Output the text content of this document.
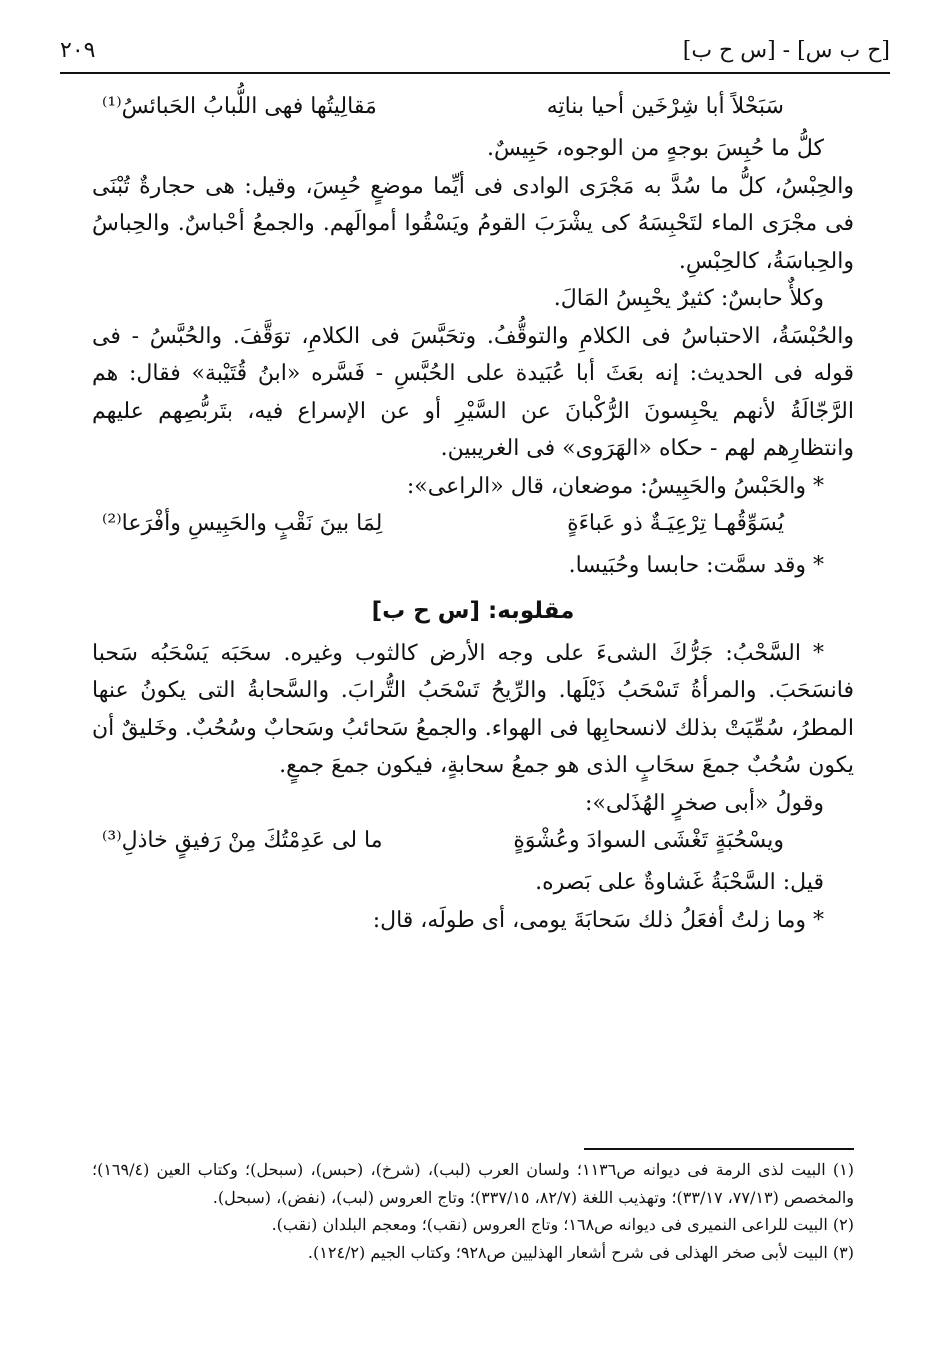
[ح ب س] - [س ح ب]
٢٠٩
سَبَحْلاً أبا شِرْخَين أحيا بناتِه
مَقالِيتُها فهى اللُّبابُ الحَبائسُ⁽¹⁾

كلُّ ما حُبِسَ بوجهٍ من الوجوه، حَبِيسٌ.

والحِبْسُ، كلُّ ما سُدَّ به مَجْرَى الوادى فى أيِّما موضعٍ حُبِسَ، وقيل: هى حجارةٌ تُبْنَى فى مجْرَى الماء لتَحْبِسَهُ كى يشْرَبَ القومُ ويَسْقُوا أموالَهم. والجمعُ أحْباسٌ. والحِباسُ والحِباسَةُ، كالحِبْسِ.

وكلأٌ حابسٌ: كثيرٌ يحْبِسُ المَالَ.

والحُبْسَةُ، الاحتباسُ فى الكلامِ والتوقُّفُ. وتحَبَّسَ فى الكلامِ، توَقَّفَ. والحُبَّسُ - فى قوله فى الحديث: إنه بعَثَ أبا عُبَيدة على الحُبَّسِ - فَسَّره «ابنُ قُتَيْبة» فقال: هم الرَّجّالَةُ لأنهم يحْبِسونَ الرُّكْبانَ عن السَّيْرِ أو عن الإسراع فيه، بتَربُّصِهم عليهم وانتظارِهم لهم - حكاه «الهَرَوى» فى الغريبين.

* والحَبْسُ والحَبِيسُ: موضعان، قال «الراعى»:

يُسَوِّقُهـا تِرْعِيَـةٌ ذو عَباءَةٍ
لِمَا بينَ نَقْبٍ والحَبِيسِ وأفْرَعا⁽²⁾

* وقد سمَّت: حابسا وحُبَيسا.

مقلوبه: [س ح ب]

* السَّحْبُ: جَرُّكَ الشىءَ على وجه الأرض كالثوب وغيره. سحَبَه يَسْحَبُه سَحبا فانسَحَبَ. والمرأةُ تَسْحَبُ ذَيْلَها. والرِّيحُ تَسْحَبُ التُّرابَ. والسَّحابةُ التى يكونُ عنها المطرُ، سُمِّيَتْ بذلك لانسحابِها فى الهواء. والجمعُ سَحائبُ وسَحابٌ وسُحُبٌ. وخَليقٌ أن يكون سُحُبٌ جمعَ سحَابٍ الذى هو جمعُ سحابةٍ، فيكون جمعَ جمعٍ.

وقولُ «أبى صخرٍ الهُذَلى»:

ويسْحُبَةٍ تَغْشَى السوادَ وعُشْوَةٍ
ما لى عَدِمْتُكَ مِنْ رَفيقٍ خاذلِ⁽³⁾

قيل: السَّحْبَةُ غَشاوةٌ على بَصره.

* وما زلتُ أفعَلُ ذلك سَحابَةَ يومى، أى طولَه، قال:

(١) البيت لذى الرمة فى ديوانه ص١١٣٦؛ ولسان العرب (لبب)، (شرخ)، (حبس)، (سبحل)؛ وكتاب العين (١٦٩/٤)؛ والمخصص (٧٧/١٣، ٣٣/١٧)؛ وتهذيب اللغة (٨٢/٧، ٣٣٧/١٥)؛ وتاج العروس (لبب)، (نفض)، (سبحل).

(٢) البيت للراعى النميرى فى ديوانه ص١٦٨؛ وتاج العروس (نقب)؛ ومعجم البلدان (نقب).

(٣) البيت لأبى صخر الهذلى فى شرح أشعار الهذليين ص٩٢٨؛ وكتاب الجيم (١٢٤/٢).
